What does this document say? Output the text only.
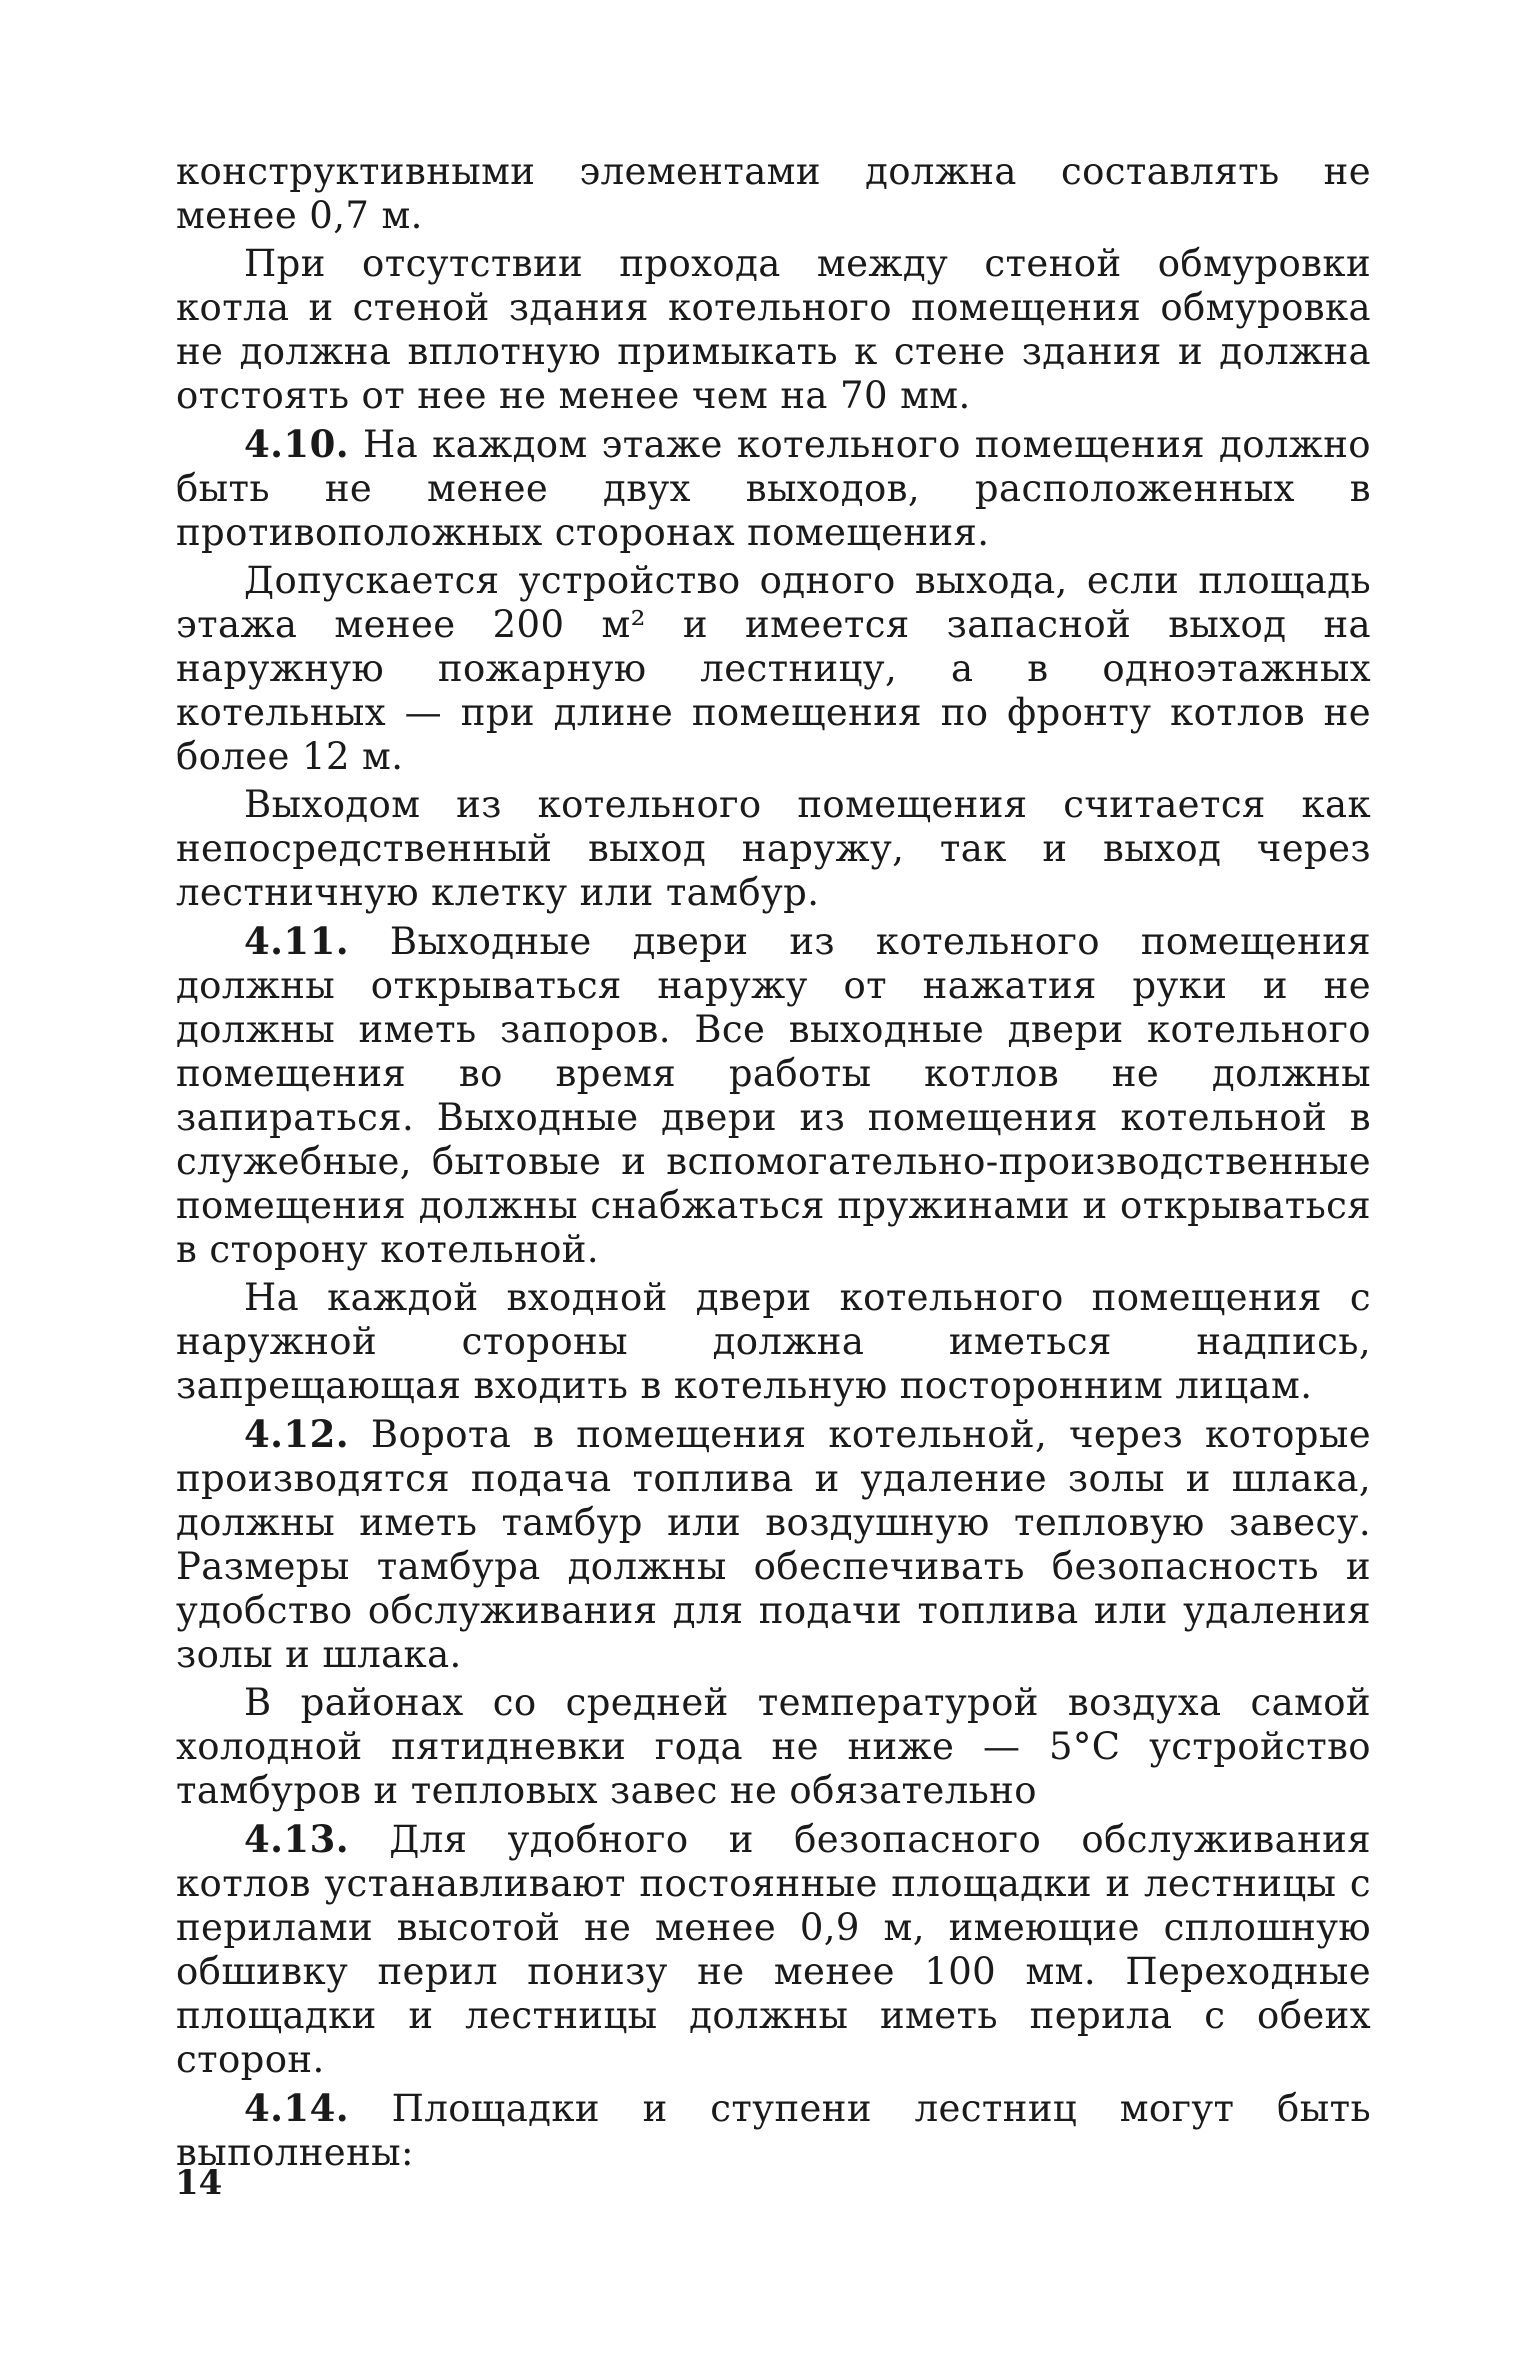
конструктивными элементами должна составлять не менее 0,7 м.

При отсутствии прохода между стеной обмуровки котла и стеной здания котельного помещения обмуровка не должна вплотную примыкать к стене здания и должна отстоять от нее не менее чем на 70 мм.

4.10. На каждом этаже котельного помещения должно быть не менее двух выходов, расположенных в противоположных сторонах помещения.

Допускается устройство одного выхода, если площадь этажа менее 200 м² и имеется запасной выход на наружную пожарную лестницу, а в одноэтажных котельных — при длине помещения по фронту котлов не более 12 м.

Выходом из котельного помещения считается как непосредственный выход наружу, так и выход через лестничную клетку или тамбур.

4.11. Выходные двери из котельного помещения должны открываться наружу от нажатия руки и не должны иметь запоров. Все выходные двери котельного помещения во время работы котлов не должны запираться. Выходные двери из помещения котельной в служебные, бытовые и вспомогательно-производственные помещения должны снабжаться пружинами и открываться в сторону котельной.

На каждой входной двери котельного помещения с наружной стороны должна иметься надпись, запрещающая входить в котельную посторонним лицам.

4.12. Ворота в помещения котельной, через которые производятся подача топлива и удаление золы и шлака, должны иметь тамбур или воздушную тепловую завесу. Размеры тамбура должны обеспечивать безопасность и удобство обслуживания для подачи топлива или удаления золы и шлака.

В районах со средней температурой воздуха самой холодной пятидневки года не ниже — 5°С устройство тамбуров и тепловых завес не обязательно

4.13. Для удобного и безопасного обслуживания котлов устанавливают постоянные площадки и лестницы с перилами высотой не менее 0,9 м, имеющие сплошную обшивку перил понизу не менее 100 мм. Переходные площадки и лестницы должны иметь перила с обеих сторон.

4.14. Площадки и ступени лестниц могут быть выполнены:

14
